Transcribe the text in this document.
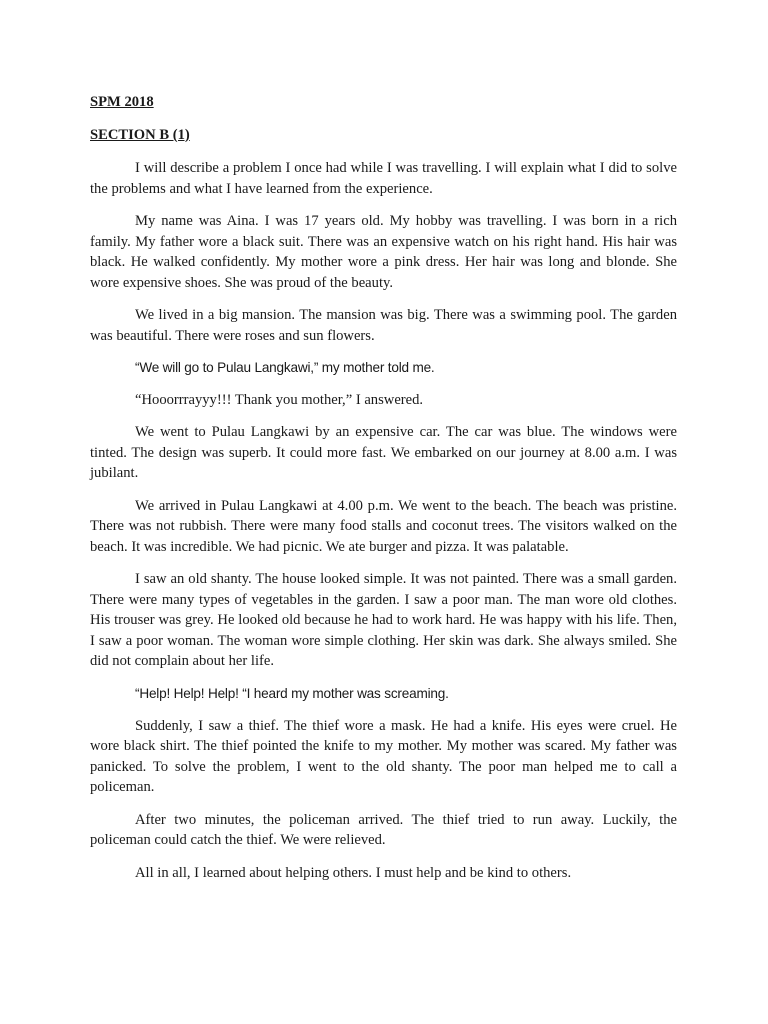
SPM 2018
SECTION B (1)

I will describe a problem I once had while I was travelling. I will explain what I did to solve the problems and what I have learned from the experience.

My name was Aina. I was 17 years old. My hobby was travelling. I was born in a rich family. My father wore a black suit. There was an expensive watch on his right hand. His hair was black. He walked confidently. My mother wore a pink dress. Her hair was long and blonde. She wore expensive shoes. She was proud of the beauty.

We lived in a big mansion. The mansion was big. There was a swimming pool. The garden was beautiful. There were roses and sun flowers.

“We will go to Pulau Langkawi,” my mother told me.

“Hooorrrayyy!!! Thank you mother,” I answered.

We went to Pulau Langkawi by an expensive car. The car was blue. The windows were tinted. The design was superb. It could more fast. We embarked on our journey at 8.00 a.m. I was jubilant.

We arrived in Pulau Langkawi at 4.00 p.m. We went to the beach. The beach was pristine. There was not rubbish. There were many food stalls and coconut trees. The visitors walked on the beach. It was incredible. We had picnic. We ate burger and pizza. It was palatable.

I saw an old shanty. The house looked simple. It was not painted. There was a small garden. There were many types of vegetables in the garden. I saw a poor man. The man wore old clothes. His trouser was grey. He looked old because he had to work hard. He was happy with his life. Then, I saw a poor woman. The woman wore simple clothing. Her skin was dark. She always smiled. She did not complain about her life.

“Help! Help! Help! “I heard my mother was screaming.

Suddenly, I saw a thief. The thief wore a mask. He had a knife. His eyes were cruel. He wore black shirt. The thief pointed the knife to my mother. My mother was scared. My father was panicked. To solve the problem, I went to the old shanty. The poor man helped me to call a policeman.

After two minutes, the policeman arrived. The thief tried to run away. Luckily, the policeman could catch the thief. We were relieved.

All in all, I learned about helping others. I must help and be kind to others.
